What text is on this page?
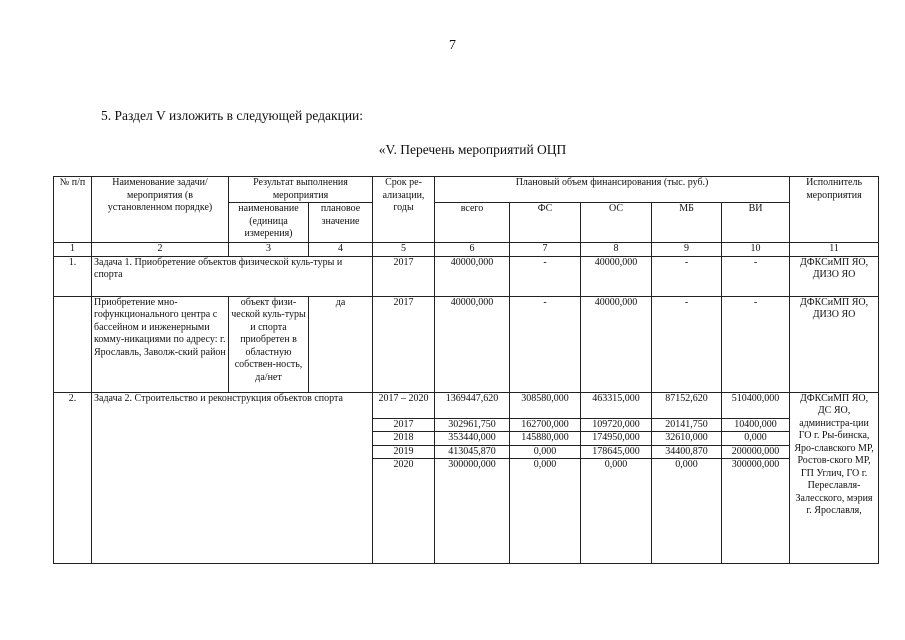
7
5. Раздел V изложить в следующей редакции:
«V. Перечень мероприятий ОЦП
№ п/п	Наименование задачи/ мероприятия (в установленном порядке)	Результат выполнения мероприятия		Срок ре-ализации, годы	Плановый объем финансирования (тыс. руб.)					Исполнитель мероприятия
		наименование (единица измерения)	плановое значение		всего	ФС	ОС	МБ	ВИ	
1	2	3	4	5	6	7	8	9	10	11
1.	Задача 1. Приобретение объектов физической куль-туры и спорта			2017	40000,000	-	40000,000	-	-	ДФКСиМП ЯО, ДИЗО ЯО
	Приобретение мно-гофункционального центра с бассейном и инженерными комму-никациями по адресу: г. Ярославль, Заволж-ский район	объект физи-ческой куль-туры и спорта приобретен в областную собствен-ность, да/нет	да	2017	40000,000	-	40000,000	-	-	ДФКСиМП ЯО, ДИЗО ЯО
2.	Задача 2. Строительство и реконструкция объектов спорта			2017 – 2020	1369447,620	308580,000	463315,000	87152,620	510400,000	ДФКСиМП ЯО, ДС ЯО, администра-ции ГО г. Ры-бинска, Яро-славского МР, Ростов-ского МР, ГП Углич, ГО г. Переславля-Залесского, мэрия г. Ярославля,
				2017	302961,750	162700,000	109720,000	20141,750	10400,000	
				2018	353440,000	145880,000	174950,000	32610,000	0,000	
				2019	413045,870	0,000	178645,000	34400,870	200000,000	
				2020	300000,000	0,000	0,000	0,000	300000,000	
